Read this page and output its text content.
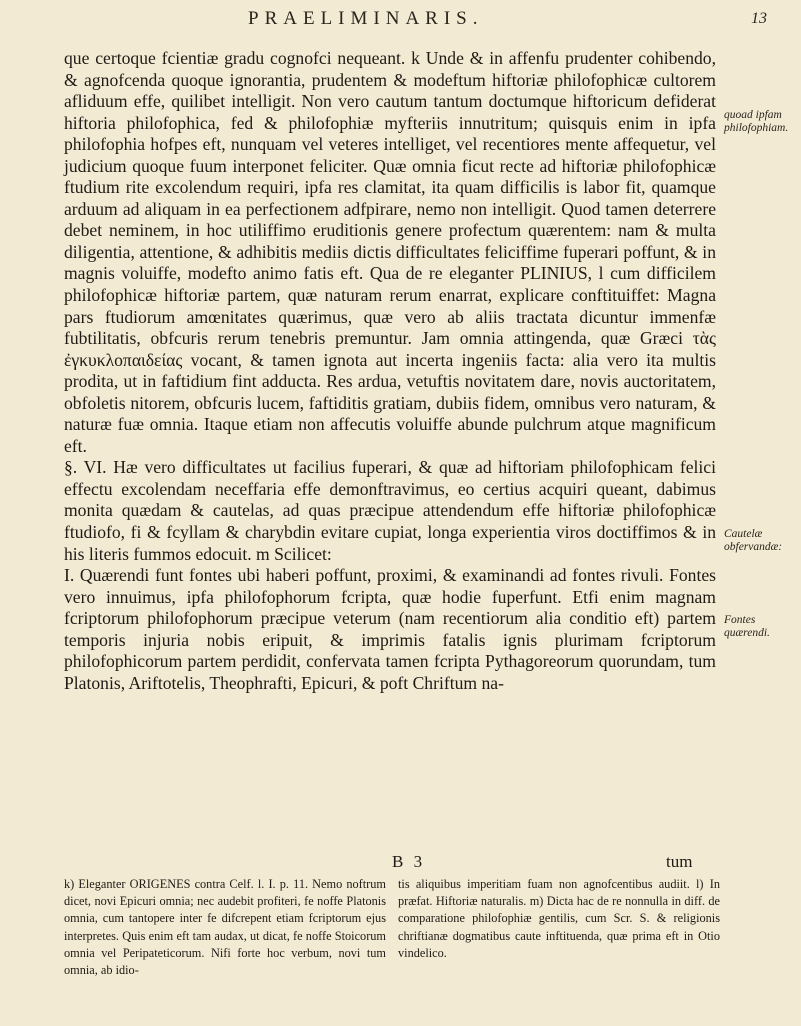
PRAELIMINARIS.	13

que certoque fcientiæ gradu cognofci nequeant. k Unde & in affenfu prudenter cohibendo, & agnofcenda quoque ignorantia, prudentem & modeftum hiftoriæ philofophicæ cultorem afliduum effe, quilibet intelligit. Non vero cautum tantum doctumque hiftoricum defiderat hiftoria philofophica, fed & philofophiæ myfteriis innutritum; quisquis enim in ipfa philofophia hofpes eft, nunquam vel veteres intelliget, vel recentiores mente affequetur, vel judicium quoque fuum interponet feliciter. Quæ omnia ficut recte ad hiftoriæ philofophicæ ftudium rite excolendum requiri, ipfa res clamitat, ita quam difficilis is labor fit, quamque arduum ad aliquam in ea perfectionem adfpirare, nemo non intelligit. Quod tamen deterrere debet neminem, in hoc utiliffimo eruditionis genere profectum quærentem: nam & multa diligentia, attentione, & adhibitis mediis dictis difficultates feliciffime fuperari poffunt, & in magnis voluiffe, modefto animo fatis eft. Qua de re eleganter PLINIUS, l cum difficilem philofophicæ hiftoriæ partem, quæ naturam rerum enarrat, explicare conftituiffet: Magna pars ftudiorum amœnitates quærimus, quæ vero ab aliis tractata dicuntur immenfæ fubtilitatis, obfcuris rerum tenebris premuntur. Jam omnia attingenda, quæ Græci τὰς ἐγκυκλοπαιδείας vocant, & tamen ignota aut incerta ingeniis facta: alia vero ita multis prodita, ut in faftidium fint adducta. Res ardua, vetuftis novitatem dare, novis auctoritatem, obfoletis nitorem, obfcuris lucem, faftiditis gratiam, dubiis fidem, omnibus vero naturam, & naturæ fuæ omnia. Itaque etiam non affecutis voluiffe abunde pulchrum atque magnificum eft.

§. VI. Hæ vero difficultates ut facilius fuperari, & quæ ad hiftoriam philofophicam felici effectu excolendam neceffaria effe demonftravimus, eo certius acquiri queant, dabimus monita quædam & cautelas, ad quas præcipue attendendum effe hiftoriæ philofophicæ ftudiofo, fi & fcyllam & charybdin evitare cupiat, longa experientia viros doctiffimos & in his literis fummos edocuit. m Scilicet:

I. Quærendi funt fontes ubi haberi poffunt, proximi, & examinandi ad fontes rivuli. Fontes vero innuimus, ipfa philofophorum fcripta, quæ hodie fuperfunt. Etfi enim magnam fcriptorum philofophorum præcipue veterum (nam recentiorum alia conditio eft) partem temporis injuria nobis eripuit, & imprimis fatalis ignis plurimam fcriptorum philofophicorum partem perdidit, confervata tamen fcripta Pythagoreorum quorundam, tum Platonis, Ariftotelis, Theophrafti, Epicuri, & poft Chriftum na-

quoad ipfam philofophiam.
Cautelæ obfervandæ:
Fontes quærendi.
B 3	tum

k) Eleganter ORIGENES contra Celf. l. I. p. 11. Nemo noftrum dicet, novi Epicuri omnia; nec audebit profiteri, fe noffe Platonis omnia, cum tantopere inter fe difcrepent etiam fcriptorum ejus interpretes. Quis enim eft tam audax, ut dicat, fe noffe Stoicorum omnia vel Peripateticorum. Nifi forte hoc verbum, novi tum omnia, ab idio-

tis aliquibus imperitiam fuam non agnofcentibus audiit. l) In præfat. Hiftoriæ naturalis. m) Dicta hac de re nonnulla in diff. de comparatione philofophiæ gentilis, cum Scr. S. & religionis chriftianæ dogmatibus caute inftituenda, quæ prima eft in Otio vindelico.
